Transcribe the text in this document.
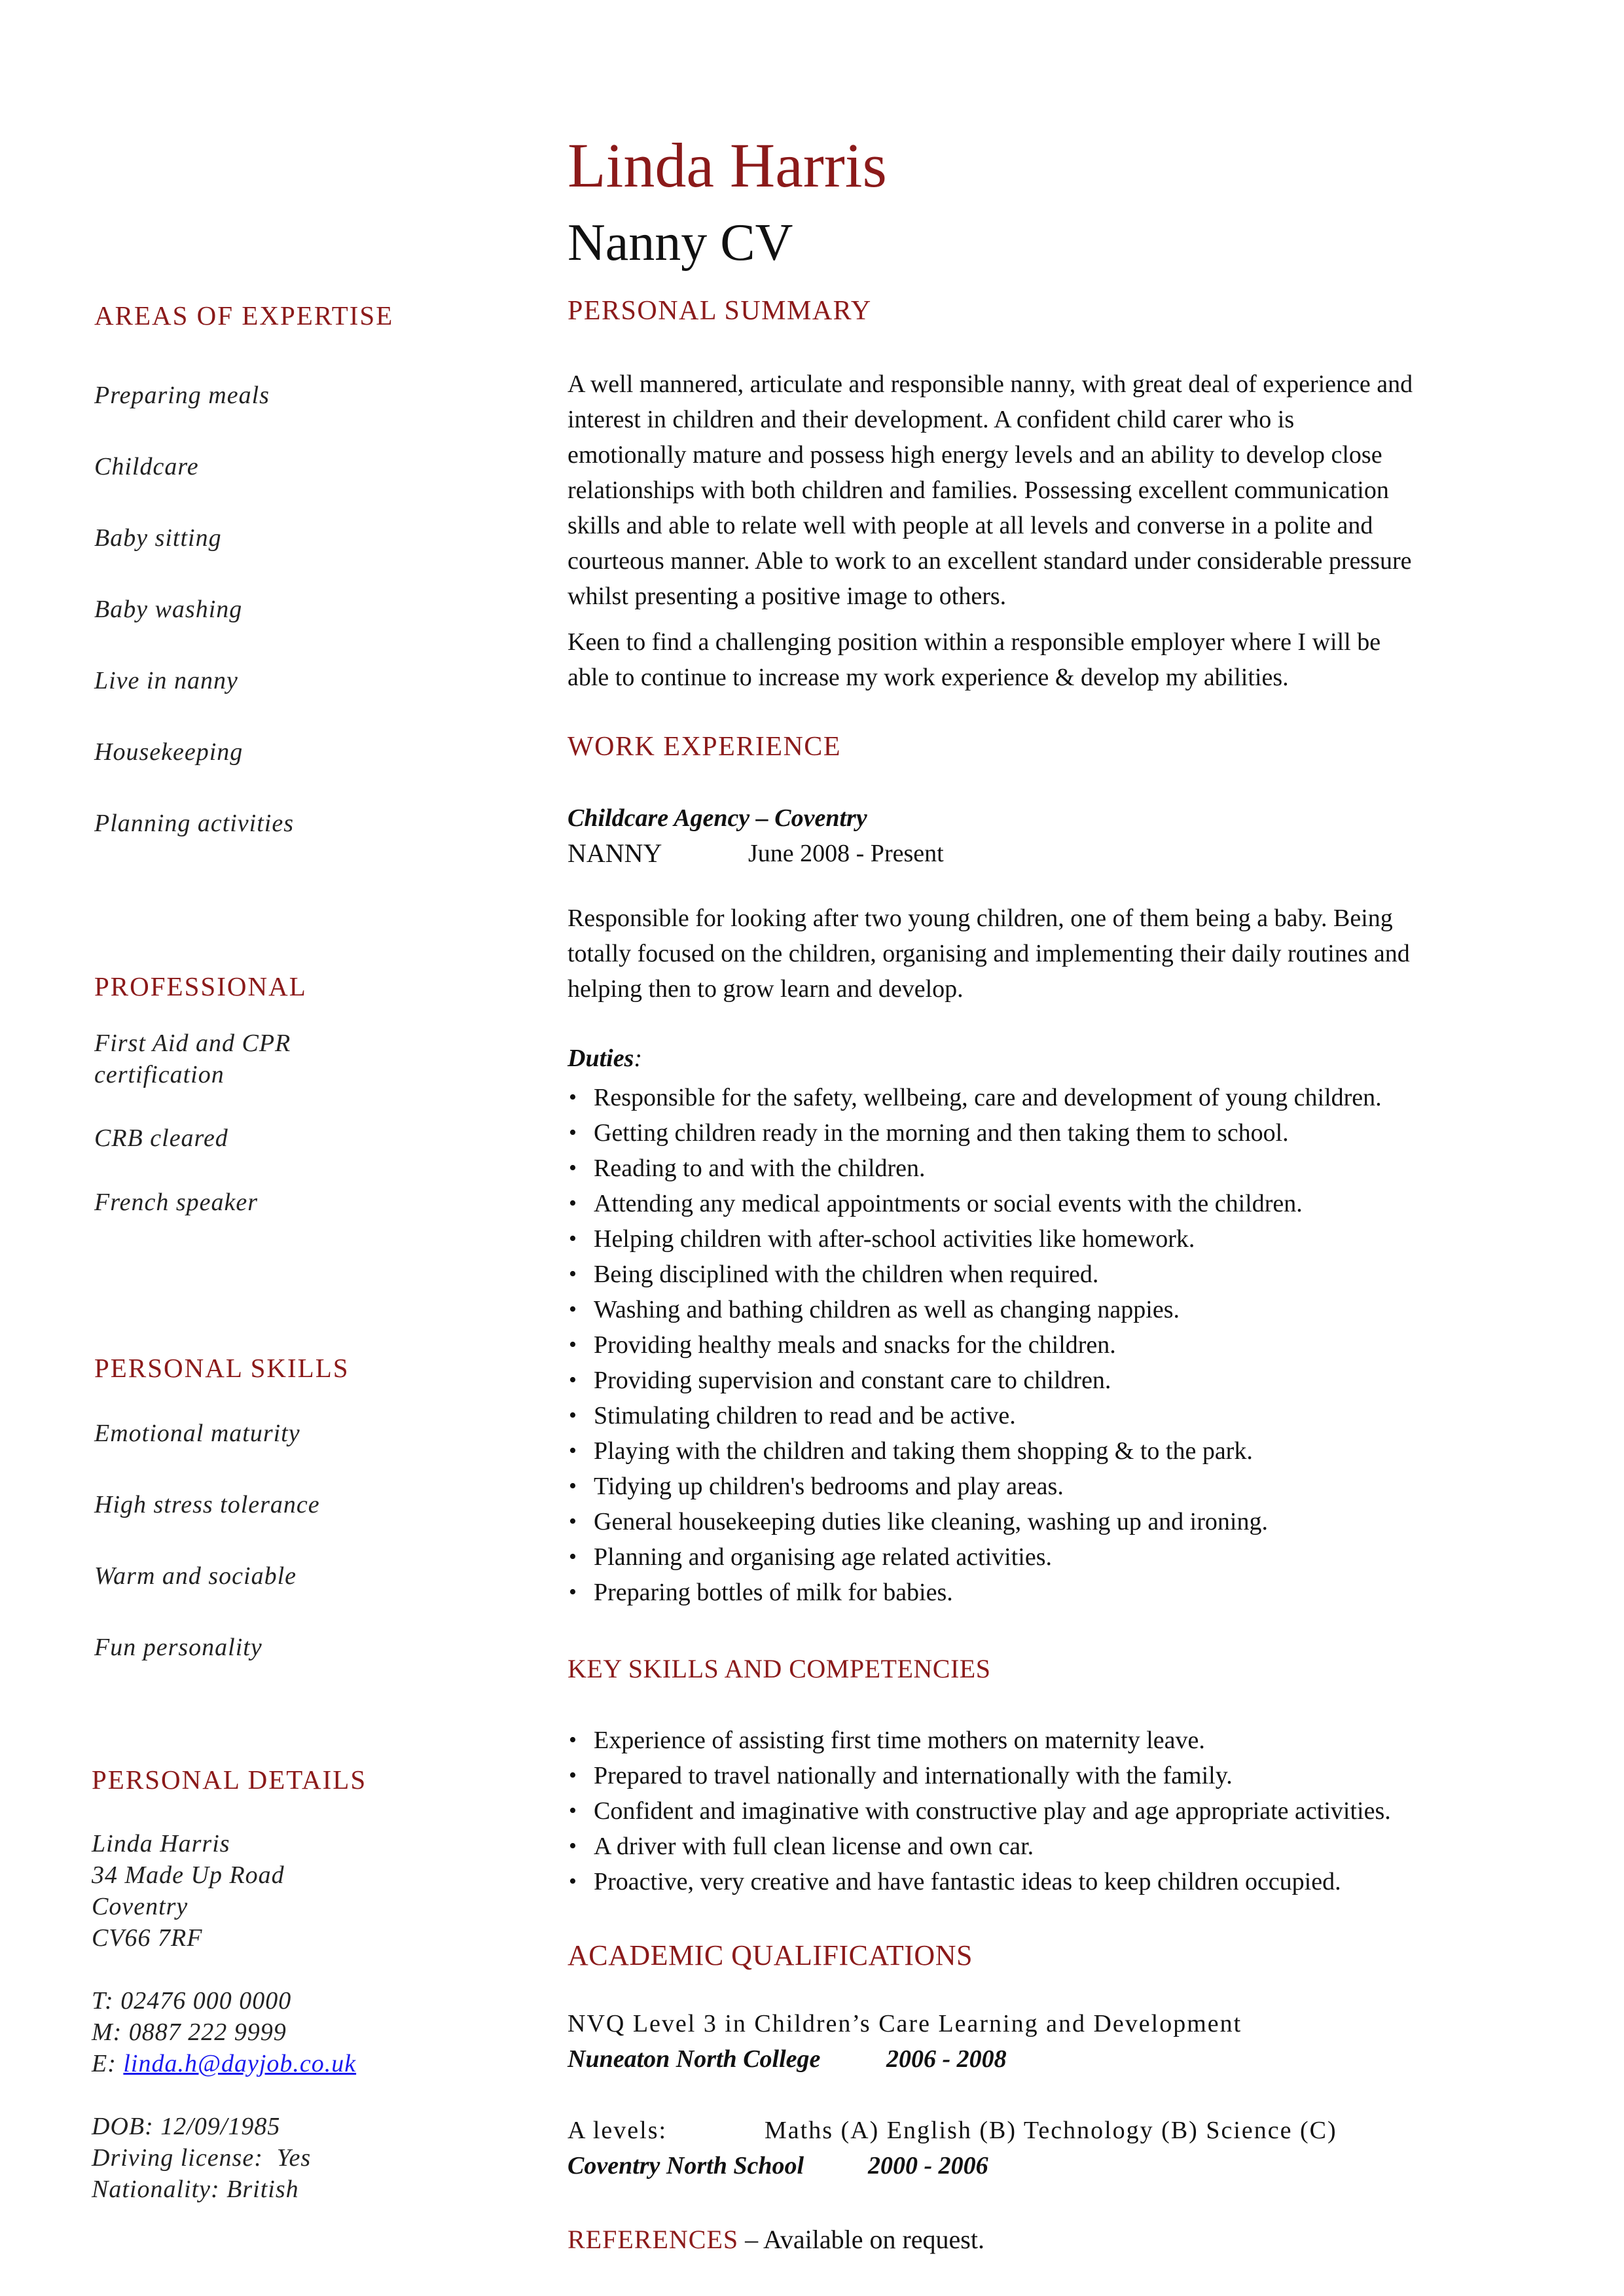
Linda Harris
Nanny CV
AREAS OF EXPERTISE
Preparing meals
Childcare
Baby sitting
Baby washing
Live in nanny
Housekeeping
Planning activities
PROFESSIONAL
First Aid and CPR certification
CRB cleared
French speaker
PERSONAL SKILLS
Emotional maturity
High stress tolerance
Warm and sociable
Fun personality
PERSONAL DETAILS
Linda Harris
34 Made Up Road
Coventry
CV66 7RF
T: 02476 000 0000
M: 0887 222 9999
E: linda.h@dayjob.co.uk
DOB: 12/09/1985
Driving license:  Yes
Nationality: British
PERSONAL SUMMARY
A well mannered, articulate and responsible nanny, with great deal of experience and
interest in children and their development. A confident child carer who is
emotionally mature and possess high energy levels and an ability to develop close
relationships with both children and families. Possessing excellent communication
skills and able to relate well with people at all levels and converse in a polite and
courteous manner. Able to work to an excellent standard under considerable pressure
whilst presenting a positive image to others.
Keen to find a challenging position within a responsible employer where I will be
able to continue to increase my work experience & develop my abilities.
WORK EXPERIENCE
Childcare Agency – Coventry
NANNY	June 2008 - Present
Responsible for looking after two young children, one of them being a baby. Being
totally focused on the children, organising and implementing their daily routines and
helping then to grow learn and develop.
Duties:
• Responsible for the safety, wellbeing, care and development of young children.
• Getting children ready in the morning and then taking them to school.
• Reading to and with the children.
• Attending any medical appointments or social events with the children.
• Helping children with after-school activities like homework.
• Being disciplined with the children when required.
• Washing and bathing children as well as changing nappies.
• Providing healthy meals and snacks for the children.
• Providing supervision and constant care to children.
• Stimulating children to read and be active.
• Playing with the children and taking them shopping & to the park.
• Tidying up children's bedrooms and play areas.
• General housekeeping duties like cleaning, washing up and ironing.
• Planning and organising age related activities.
• Preparing bottles of milk for babies.
KEY SKILLS AND COMPETENCIES
• Experience of assisting first time mothers on maternity leave.
• Prepared to travel nationally and internationally with the family.
• Confident and imaginative with constructive play and age appropriate activities.
• A driver with full clean license and own car.
• Proactive, very creative and have fantastic ideas to keep children occupied.
ACADEMIC QUALIFICATIONS
NVQ Level 3 in Children’s Care Learning and Development
Nuneaton North College	2006 - 2008
A levels:	Maths (A) English (B) Technology (B) Science (C)
Coventry North School	2000 - 2006
REFERENCES – Available on request.
